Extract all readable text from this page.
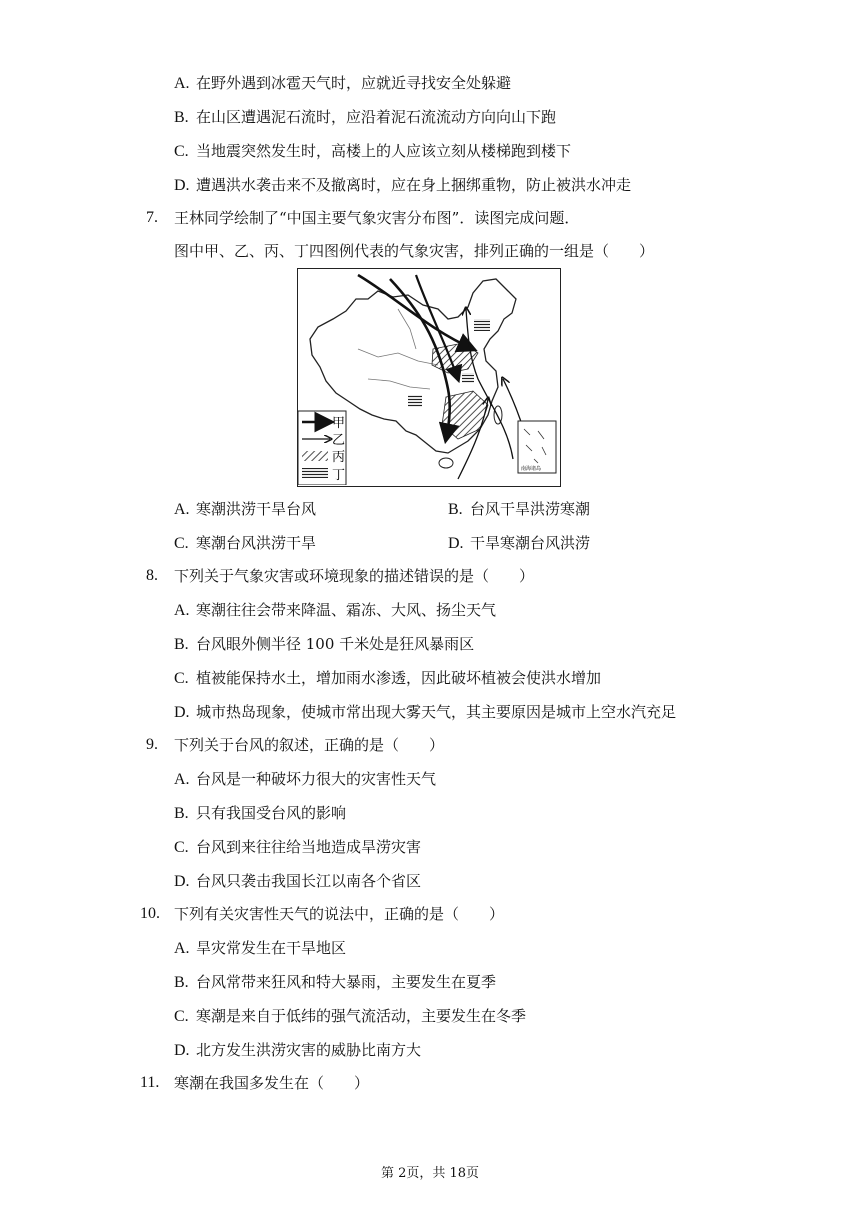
A. 在野外遇到冰雹天气时，应就近寻找安全处躲避
B. 在山区遭遇泥石流时，应沿着泥石流流动方向向山下跑
C. 当地震突然发生时，高楼上的人应该立刻从楼梯跑到楼下
D. 遭遇洪水袭击来不及撤离时，应在身上捆绑重物，防止被洪水冲走
7. 王林同学绘制了“中国主要气象灾害分布图”．读图完成问题．
图中甲、乙、丙、丁四图例代表的气象灾害，排列正确的一组是（　　）
甲
乙
丙
丁	南海诸岛
A. 寒潮洪涝干旱台风	B. 台风干旱洪涝寒潮
C. 寒潮台风洪涝干旱	D. 干旱寒潮台风洪涝
8. 下列关于气象灾害或环境现象的描述错误的是（　　）
A. 寒潮往往会带来降温、霜冻、大风、扬尘天气
B. 台风眼外侧半径 100 千米处是狂风暴雨区
C. 植被能保持水土，增加雨水渗透，因此破坏植被会使洪水增加
D. 城市热岛现象，使城市常出现大雾天气，其主要原因是城市上空水汽充足
9. 下列关于台风的叙述，正确的是（　　）
A. 台风是一种破坏力很大的灾害性天气
B. 只有我国受台风的影响
C. 台风到来往往给当地造成旱涝灾害
D. 台风只袭击我国长江以南各个省区
10. 下列有关灾害性天气的说法中，正确的是（　　）
A. 旱灾常发生在干旱地区
B. 台风常带来狂风和特大暴雨，主要发生在夏季
C. 寒潮是来自于低纬的强气流活动，主要发生在冬季
D. 北方发生洪涝灾害的威胁比南方大
11. 寒潮在我国多发生在（　　）
第 2页，共 18页
